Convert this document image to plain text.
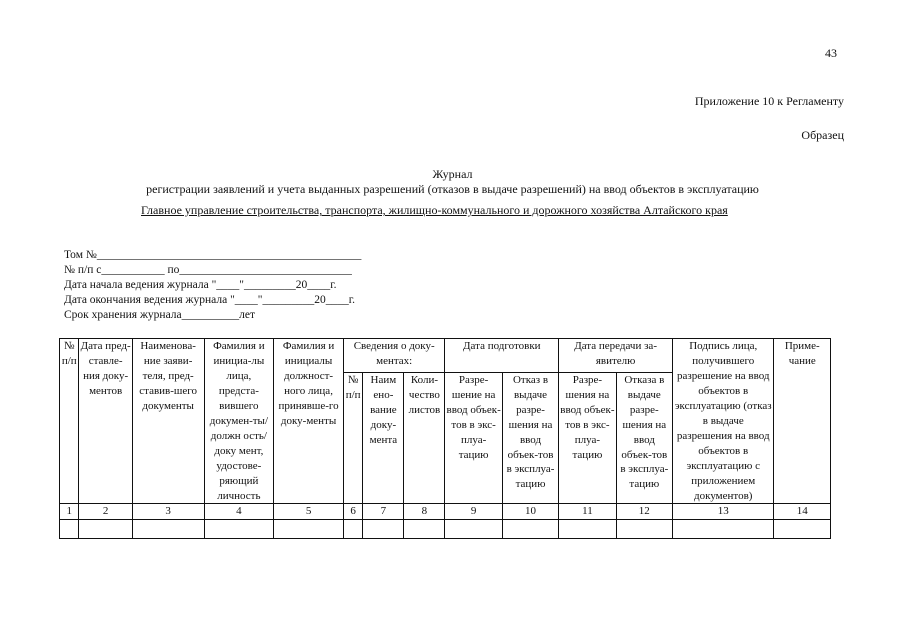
43
Приложение 10 к Регламенту
Образец
Журнал
регистрации заявлений и учета выданных разрешений (отказов в выдаче разрешений) на ввод объектов в эксплуатацию
Главное управление строительства, транспорта, жилищно-коммунального и дорожного хозяйства Алтайского края
Том №______________________________________________
№ п/п с___________ по______________________________
Дата начала ведения журнала "____"_________20____г.
Дата окончания ведения журнала "____"_________20____г.
Срок хранения журнала__________лет
№ п/п	Дата пред-ставле-ния доку-ментов	Наименова-ние заяви-теля, пред-ставив-шего документы	Фамилия и инициа-лы лица, предста-вившего докумен-ты/должн ость/доку мент, удостове-ряющий личность	Фамилия и инициалы должност-ного лица, принявше-го доку-менты	Сведения о доку-ментах:			Дата подготовки		Дата передачи за-явителю		Подпись лица, получившего разрешение на ввод объектов в эксплуатацию (отказ в выдаче разрешения на ввод объектов в эксплуатацию с приложением документов)	Приме-чание
					№ п/п	Наим ено-вание доку-мента	Коли-чество листов	Разре-шение на ввод объек-тов в экс-плуа-тацию	Отказ в выдаче разре-шения на ввод объек-тов в эксплуа-тацию	Разре-шения на ввод объек-тов в экс-плуа-тацию	Отказа в выдаче разре-шения на ввод объек-тов в эксплуа-тацию		
1	2	3	4	5	6	7	8	9	10	11	12	13	14
